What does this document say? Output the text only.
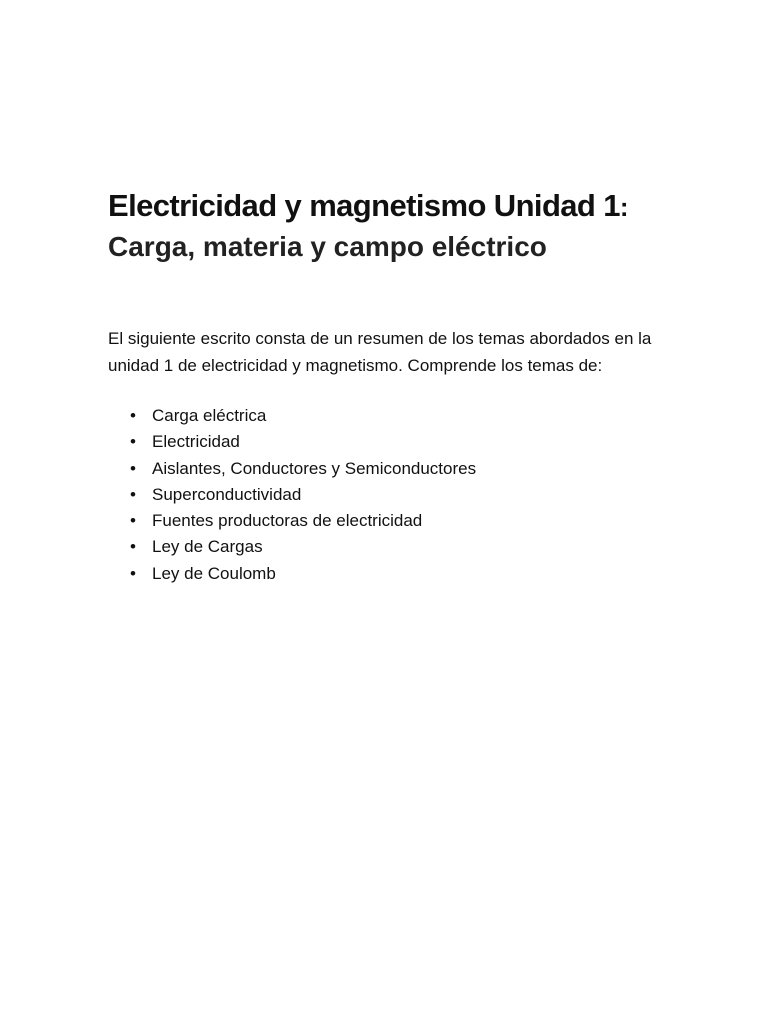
Electricidad y magnetismo Unidad 1:
Carga, materia y campo eléctrico

El siguiente escrito consta de un resumen de los temas abordados en la unidad 1 de electricidad y magnetismo. Comprende los temas de:

• Carga eléctrica
• Electricidad
• Aislantes, Conductores y Semiconductores
• Superconductividad
• Fuentes productoras de electricidad
• Ley de Cargas
• Ley de Coulomb
